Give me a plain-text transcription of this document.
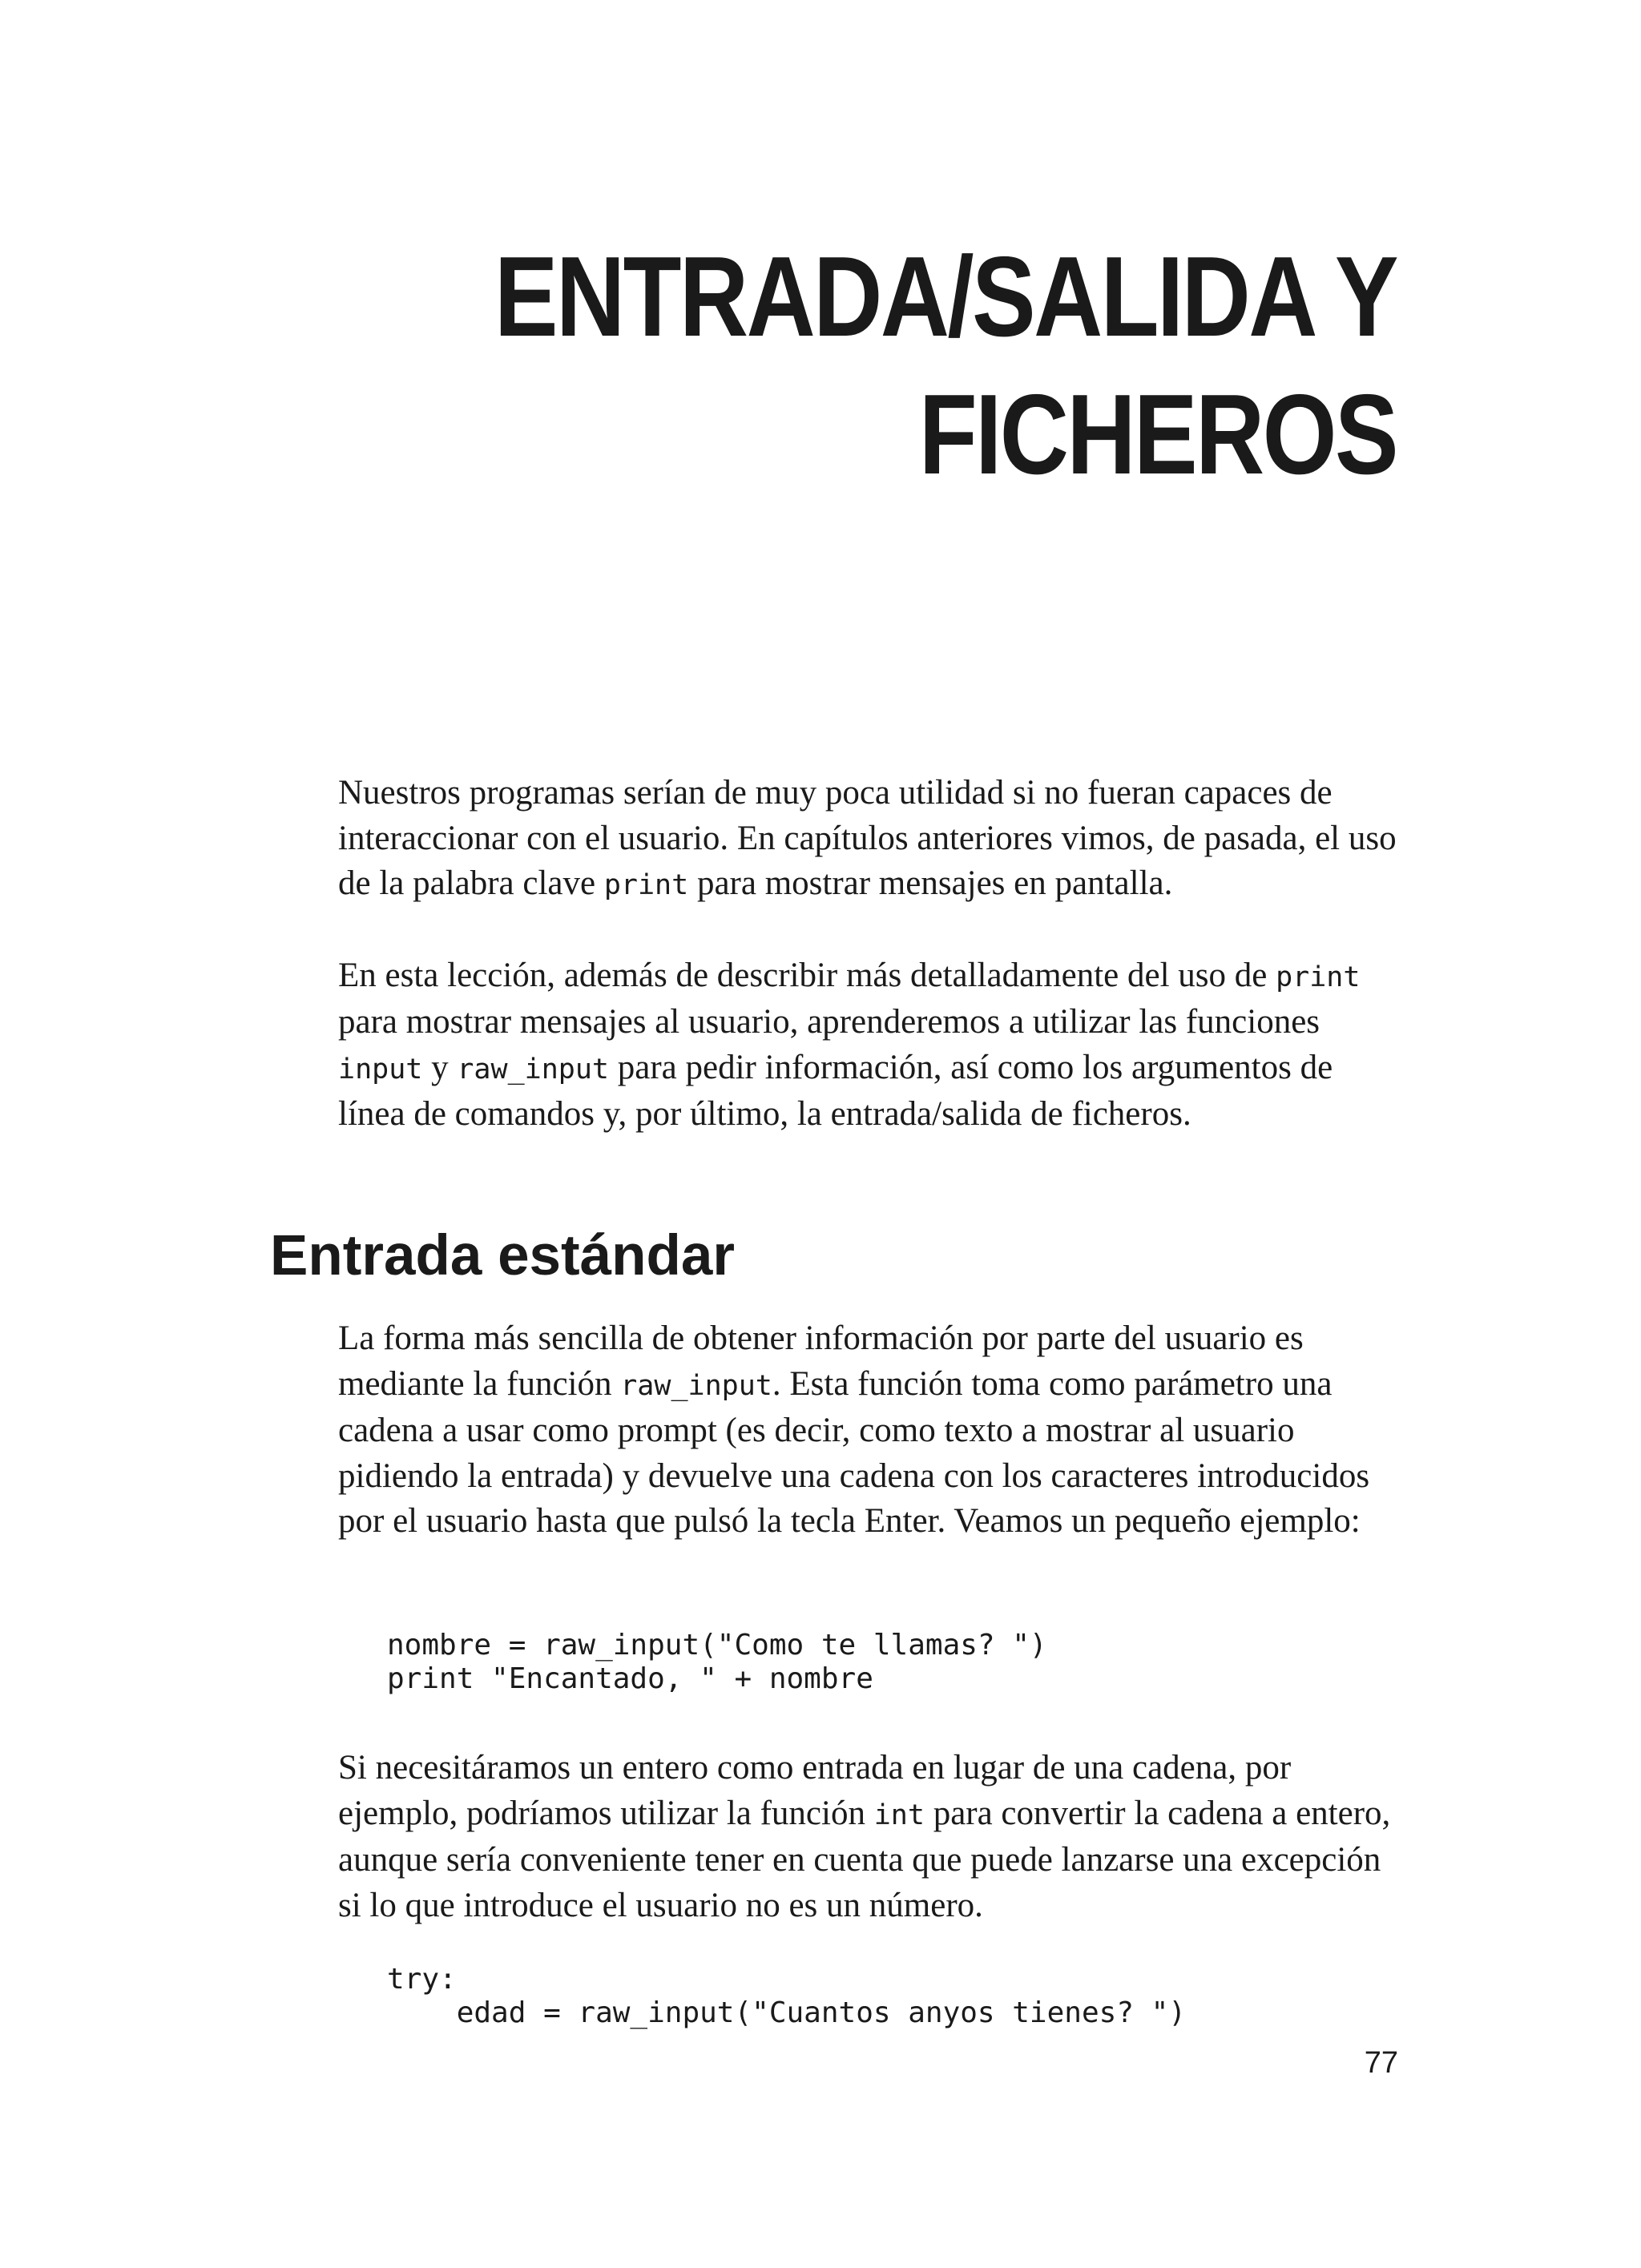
ENTRADA/SALIDA Y
FICHEROS

Nuestros programas serían de muy poca utilidad si no fueran capaces de interaccionar con el usuario. En capítulos anteriores vimos, de pasada, el uso de la palabra clave print para mostrar mensajes en pantalla.

En esta lección, además de describir más detalladamente del uso de print para mostrar mensajes al usuario, aprenderemos a utilizar las funciones input y raw_input para pedir información, así como los argumentos de línea de comandos y, por último, la entrada/salida de ficheros.

Entrada estándar

La forma más sencilla de obtener información por parte del usuario es mediante la función raw_input. Esta función toma como parámetro una cadena a usar como prompt (es decir, como texto a mostrar al usuario pidiendo la entrada) y devuelve una cadena con los caracteres introducidos por el usuario hasta que pulsó la tecla Enter. Veamos un pequeño ejemplo:

nombre = raw_input("Como te llamas? ")
print "Encantado, " + nombre

Si necesitáramos un entero como entrada en lugar de una cadena, por ejemplo, podríamos utilizar la función int para convertir la cadena a entero, aunque sería conveniente tener en cuenta que puede lanzarse una excepción si lo que introduce el usuario no es un número.

try:
edad = raw_input("Cuantos anyos tienes? ")
77
